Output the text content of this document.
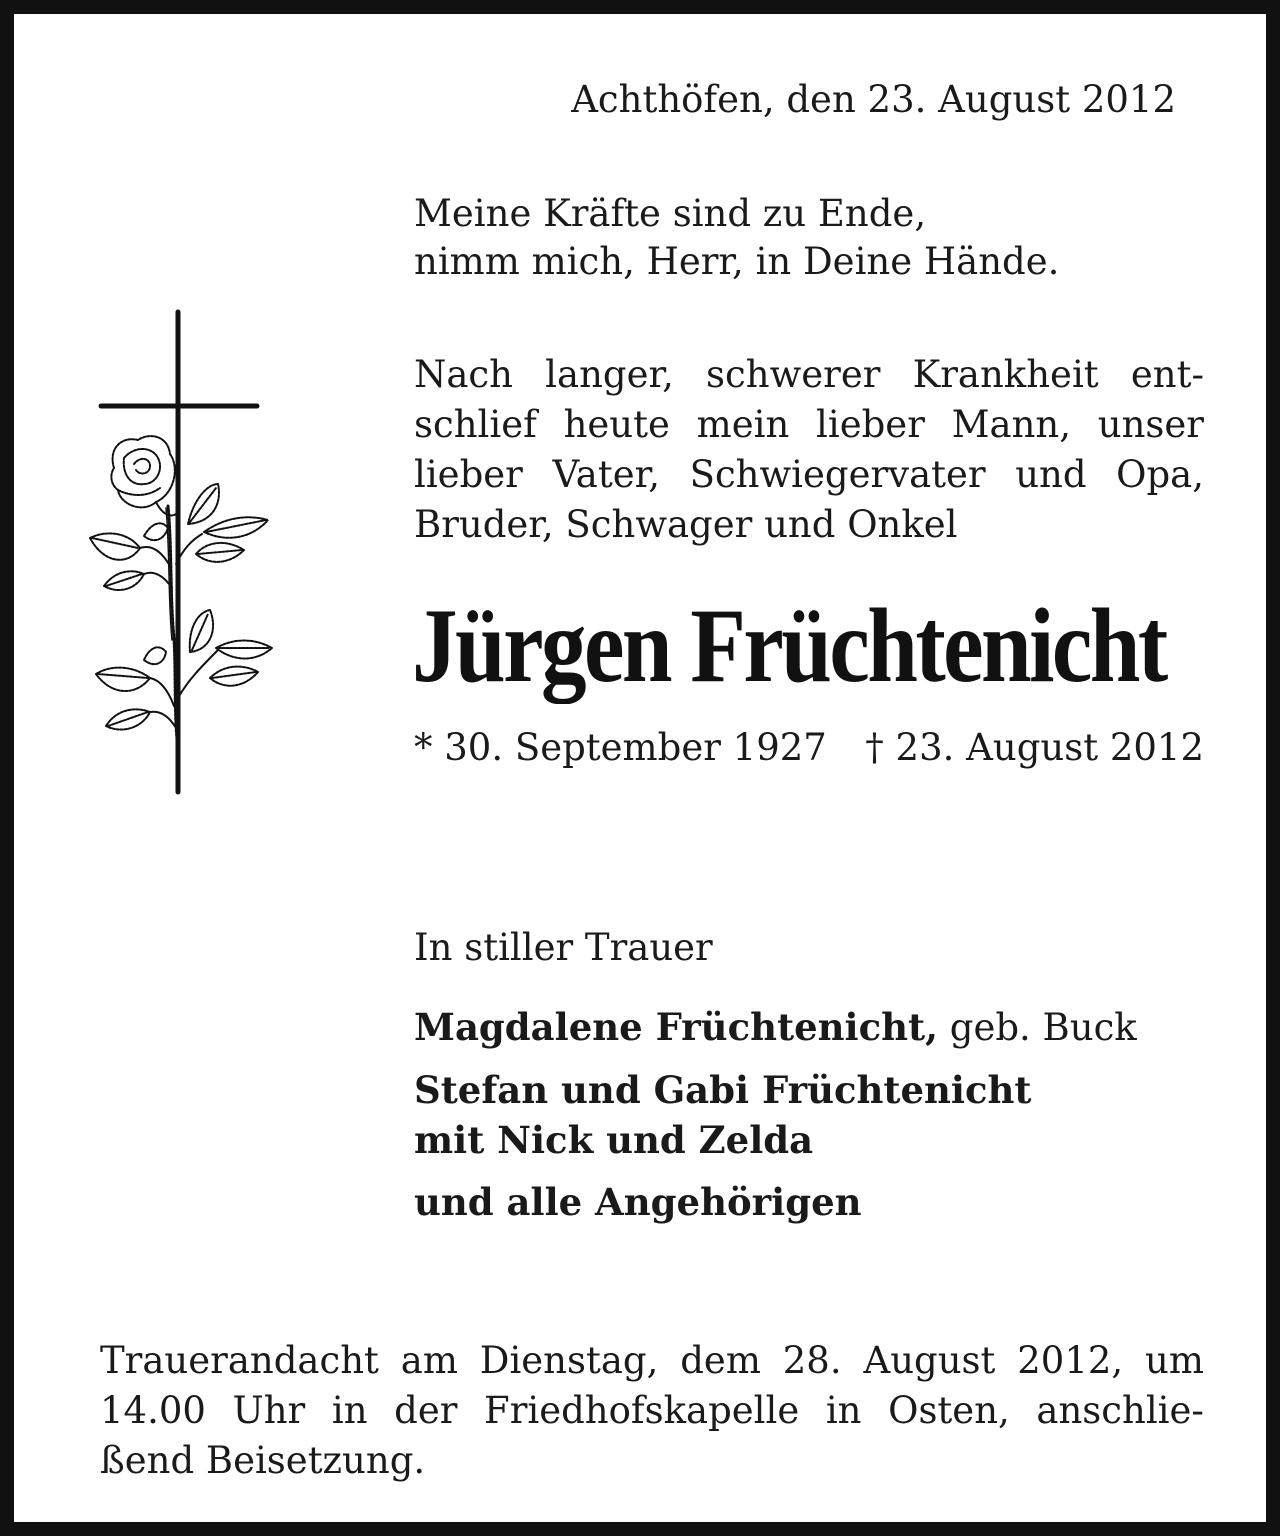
Achthöfen, den 23. August 2012
Meine Kräfte sind zu Ende,
nimm mich, Herr, in Deine Hände.
Nach langer, schwerer Krankheit ent-
schlief heute mein lieber Mann, unser
lieber Vater, Schwiegervater und Opa,
Bruder, Schwager und Onkel
Jürgen Früchtenicht
* 30. September 1927 † 23. August 2012
In stiller Trauer
Magdalene Früchtenicht, geb. Buck
Stefan und Gabi Früchtenicht
mit Nick und Zelda
und alle Angehörigen
Trauerandacht am Dienstag, dem 28. August 2012, um
14.00 Uhr in der Friedhofskapelle in Osten, anschlie-
ßend Beisetzung.
